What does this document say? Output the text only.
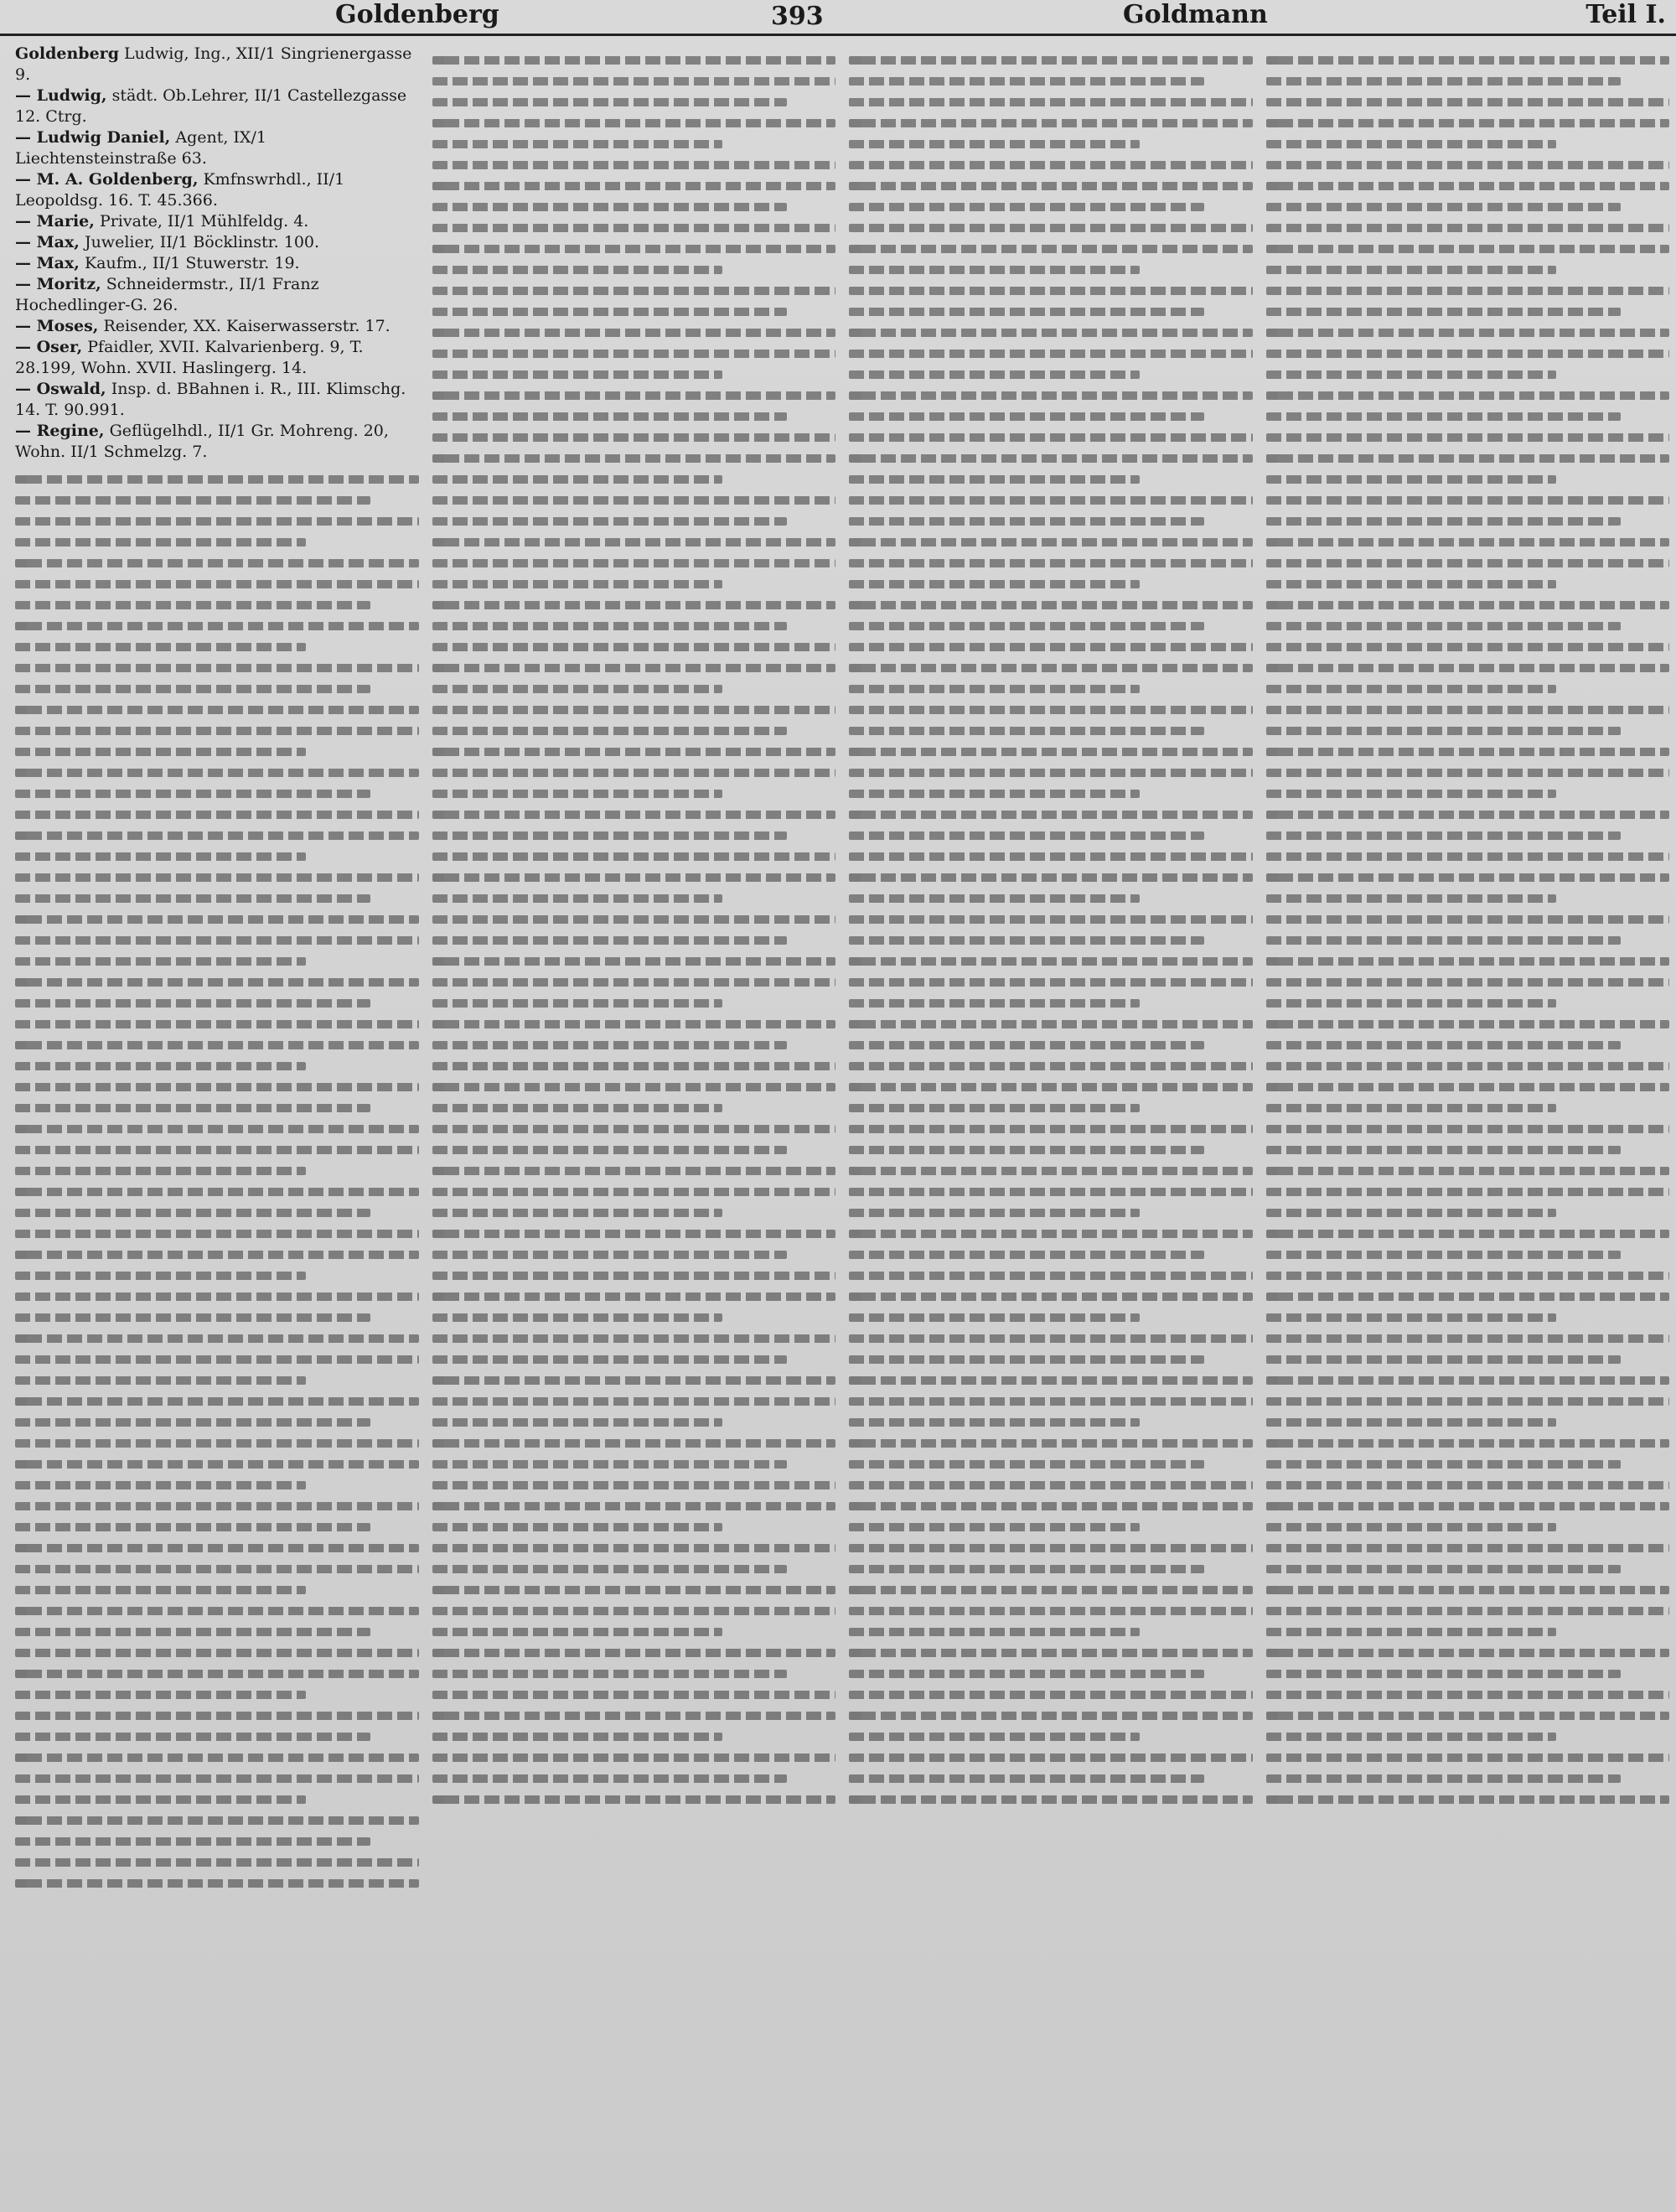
Goldenberg	393	Goldmann	Teil I.
Goldenberg Ludwig, Ing., XII/1 Singrienergasse 9.
— Ludwig, städt. Ob.Lehrer, II/1 Castellezgasse 12. Ctrg.
— Ludwig Daniel, Agent, IX/1 Liechtensteinstraße 63.
— M. A. Goldenberg, Kmfnswrhdl., II/1 Leopoldsg. 16. T. 45.366.
— Marie, Private, II/1 Mühlfeldg. 4.
— Max, Juwelier, II/1 Böcklinstr. 100.
— Max, Kaufm., II/1 Stuwerstr. 19.
— Moritz, Schneidermstr., II/1 Franz Hochedlinger-G. 26.
— Moses, Reisender, XX. Kaiserwasserstr. 17.
— Oser, Pfaidler, XVII. Kalvarienberg. 9, T. 28.199, Wohn. XVII. Haslingerg. 14.
— Oswald, Insp. d. BBahnen i. R., III. Klimschg. 14. T. 90.991.
— Regine, Geflügelhdl., II/1 Gr. Mohreng. 20, Wohn. II/1 Schmelzg. 7.
